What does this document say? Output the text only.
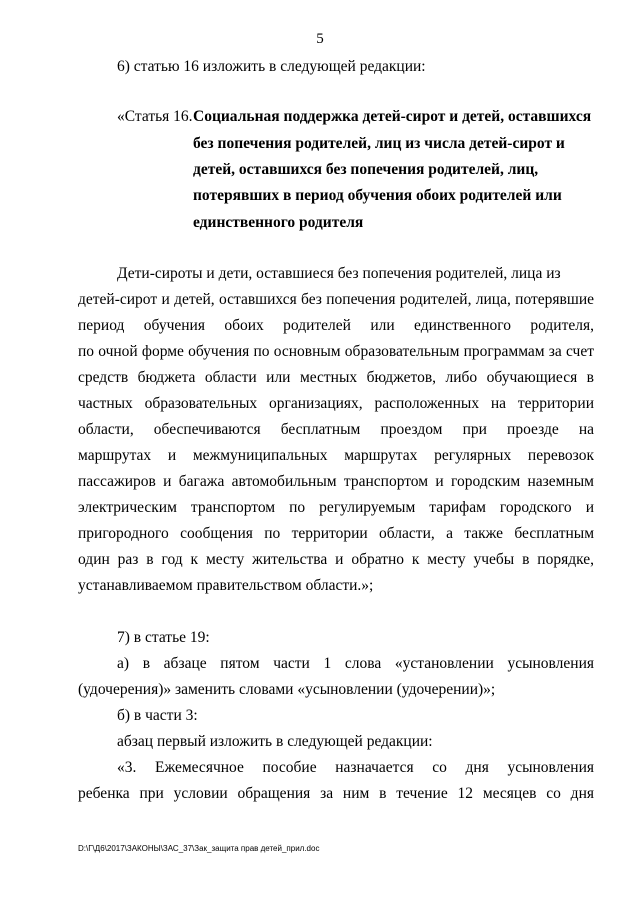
5
6) статью 16 изложить в следующей редакции:
«Статья 16. Социальная поддержка детей-сирот и детей, оставшихся
без попечения родителей, лиц из числа детей-сирот и
детей, оставшихся без попечения родителей, лиц,
потерявших в период обучения обоих родителей или
единственного родителя
Дети-сироты и дети, оставшиеся без попечения родителей, лица из
детей-сирот и детей, оставшихся без попечения родителей, лица, потерявшие
период обучения обоих родителей или единственного родителя,
по очной форме обучения по основным образовательным программам за счет
средств бюджета области или местных бюджетов, либо обучающиеся в
частных образовательных организациях, расположенных на территории
области, обеспечиваются бесплатным проездом при проезде на
маршрутах и межмуниципальных маршрутах регулярных перевозок
пассажиров и багажа автомобильным транспортом и городским наземным
электрическим транспортом по регулируемым тарифам городского и
пригородного сообщения по территории области, а также бесплатным
один раз в год к месту жительства и обратно к месту учебы в порядке,
устанавливаемом правительством области.»;
7) в статье 19:
а) в абзаце пятом части 1 слова «установлении усыновления
(удочерения)» заменить словами «усыновлении (удочерении)»;
б) в части 3:
абзац первый изложить в следующей редакции:
«3. Ежемесячное пособие назначается со дня усыновления
ребенка при условии обращения за ним в течение 12 месяцев со дня
D:\Г\Д6\2017\ЗАКОНЫ\ЗАС_37\Зак_защита прав детей_прил.doc
